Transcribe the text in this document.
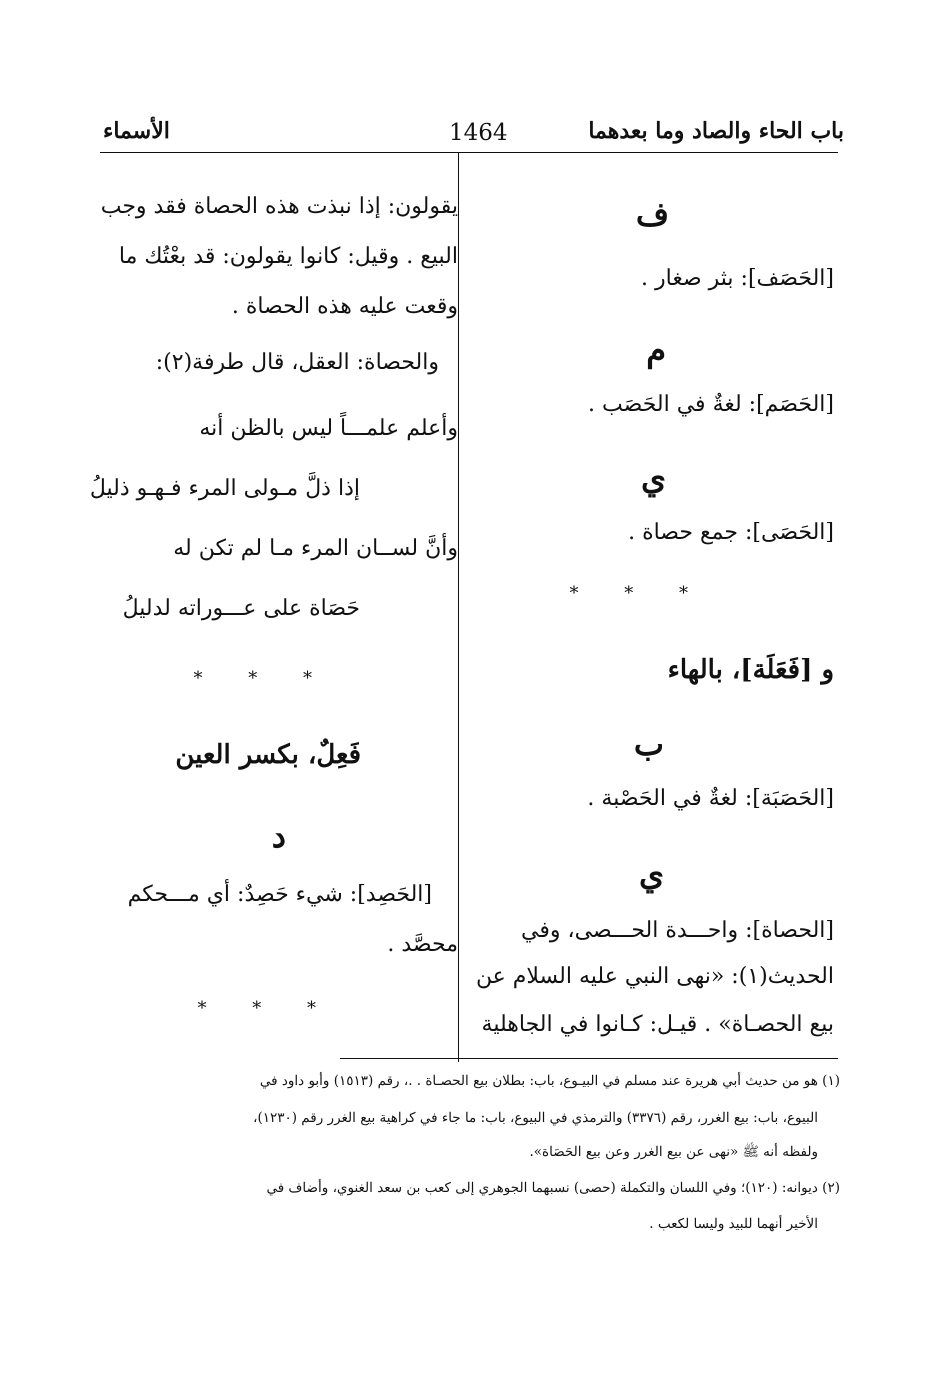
باب الحاء والصاد وما بعدهما
1464
الأسماء
ف
[الحَصَف]: بثر صغار .
م
[الحَصَم]: لغةٌ في الحَصَب .
ي
[الحَصَى]: جمع حصاة .
* * *
و [فَعَلَة]، بالهاء
ب
[الحَصَبَة]: لغةٌ في الحَصْبة .
ي
[الحصاة]: واحـــدة الحـــصى، وفي
الحديث(١): «نهى النبي عليه السلام عن
بيع الحصـاة» . قيـل: كـانوا في الجاهلية
يقولون: إذا نبذت هذه الحصاة فقد وجب
البيع . وقيل: كانوا يقولون: قد بعْتُك ما
وقعت عليه هذه الحصاة .
والحصاة: العقل، قال طرفة(٢):
وأعلم علمـــاً ليس بالظن أنه
إذا ذلَّ مـولى المرء فـهـو ذليلُ
وأنَّ لســان المرء مـا لم تكن له
حَصَاة على عـــوراته لدليلُ
* * *
فَعِلٌ، بكسر العين
د
[الحَصِد]: شيء حَصِدٌ: أي مـــحكم
محصَّد .
* * *
(١) هو من حديث أبي هريرة عند مسلم في البيـوع، باب: بطلان بيع الحصـاة . .، رقم (١٥١٣) وأبو داود في
البيوع، باب: بيع الغرر، رقم (٣٣٧٦) والترمذي في البيوع، باب: ما جاء في كراهية بيع الغرر رقم (١٢٣٠)،
ولفظه أنه ﷺ «نهى عن بيع الغرر وعن بيع الحَصَاة».
(٢) ديوانه: (١٢٠)؛ وفي اللسان والتكملة (حصى) نسبهما الجوهري إلى كعب بن سعد الغنوي، وأضاف في
الأخير أنهما للبيد وليسا لكعب .
